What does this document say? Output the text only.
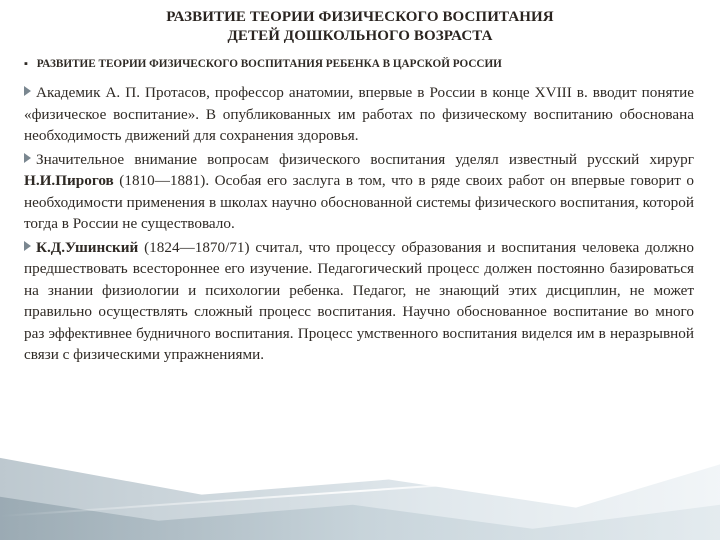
РАЗВИТИЕ ТЕОРИИ ФИЗИЧЕСКОГО ВОСПИТАНИЯ
ДЕТЕЙ ДОШКОЛЬНОГО ВОЗРАСТА
▪ РАЗВИТИЕ ТЕОРИИ ФИЗИЧЕСКОГО ВОСПИТАНИЯ РЕБЕНКА В ЦАРСКОЙ РОССИИ

Академик А. П. Протасов, профессор анатомии, впервые в России в конце XVIII в. вводит понятие «физическое воспитание». В опубликованных им работах по физическому воспитанию обоснована необходимость движений для сохранения здоровья.

Значительное внимание вопросам физического воспитания уделял известный русский хирург Н.И.Пирогов (1810—1881). Особая его заслуга в том, что в ряде своих работ он впервые говорит о необходимости применения в школах научно обоснованной системы физического воспитания, которой тогда в России не существовало.

К.Д.Ушинский (1824—1870/71) считал, что процессу образования и воспитания человека должно предшествовать всестороннее его изучение. Педагогический процесс должен постоянно базироваться на знании физиологии и психологии ребенка. Педагог, не знающий этих дисциплин, не может правильно осуществлять сложный процесс воспитания. Научно обоснованное воспитание во много раз эффективнее будничного воспитания. Процесс умственного воспитания виделся им в неразрывной связи с физическими упражнениями.
